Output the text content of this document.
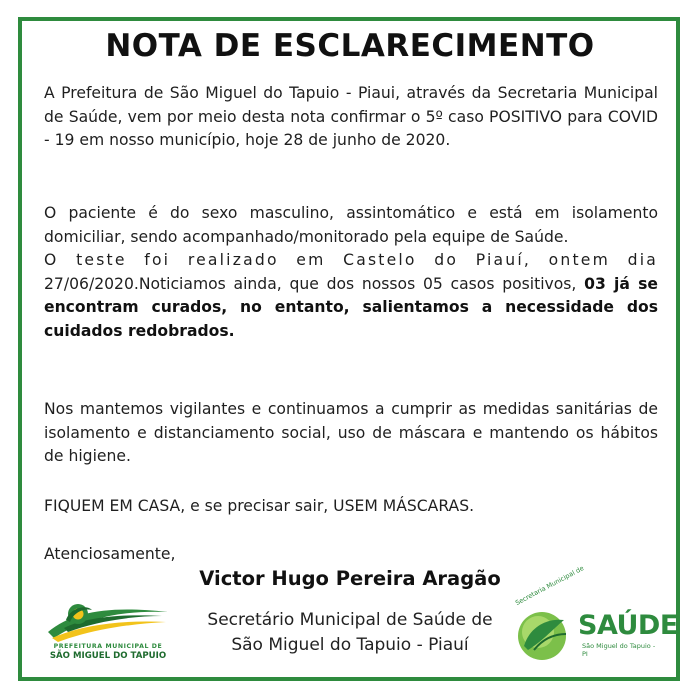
NOTA DE ESCLARECIMENTO
A Prefeitura de São Miguel do Tapuio - Piaui, através da Secretaria Municipal de Saúde, vem por meio desta nota confirmar o 5º caso POSITIVO para COVID - 19 em nosso município, hoje 28 de junho de 2020.
O paciente é do sexo masculino, assintomático e está em isolamento domiciliar, sendo acompanhado/monitorado pela equipe de Saúde.
O teste foi realizado em Castelo do Piauí, ontem dia 27/06/2020.Noticiamos ainda, que dos nossos 05 casos positivos, 03 já se encontram curados, no entanto, salientamos a necessidade dos cuidados redobrados.
Nos mantemos vigilantes e continuamos a cumprir as medidas sanitárias de isolamento e distanciamento social, uso de máscara e mantendo os hábitos de higiene.
FIQUEM EM CASA, e se precisar sair, USEM MÁSCARAS.
Atenciosamente,
Victor Hugo Pereira Aragão
Secretário Municipal de Saúde de
São Miguel do Tapuio - Piauí
PREFEITURA MUNICIPAL DE
SÃO MIGUEL DO TAPUIO
Secretaria Municipal de
SAÚDE
São Miguel do Tapuio - PI
